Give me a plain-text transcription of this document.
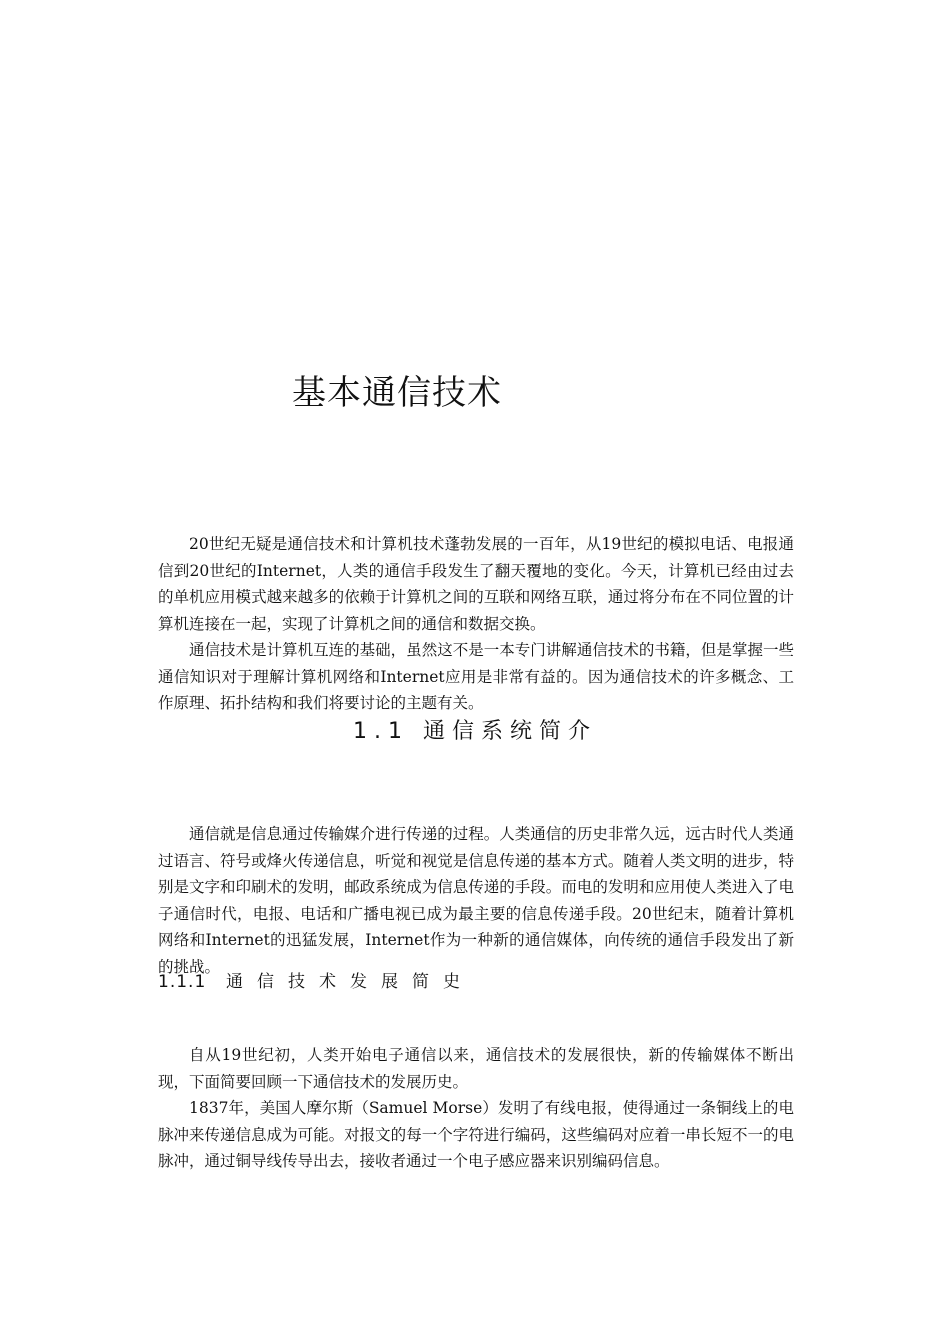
基本通信技术

20世纪无疑是通信技术和计算机技术蓬勃发展的一百年，从19世纪的模拟电话、电报通信到20世纪的Internet，人类的通信手段发生了翻天覆地的变化。今天，计算机已经由过去的单机应用模式越来越多的依赖于计算机之间的互联和网络互联，通过将分布在不同位置的计算机连接在一起，实现了计算机之间的通信和数据交换。

通信技术是计算机互连的基础，虽然这不是一本专门讲解通信技术的书籍，但是掌握一些通信知识对于理解计算机网络和Internet应用是非常有益的。因为通信技术的许多概念、工作原理、拓扑结构和我们将要讨论的主题有关。

1.1 通信系统简介

通信就是信息通过传输媒介进行传递的过程。人类通信的历史非常久远，远古时代人类通过语言、符号或烽火传递信息，听觉和视觉是信息传递的基本方式。随着人类文明的进步，特别是文字和印刷术的发明，邮政系统成为信息传递的手段。而电的发明和应用使人类进入了电子通信时代，电报、电话和广播电视已成为最主要的信息传递手段。20世纪末，随着计算机网络和Internet的迅猛发展，Internet作为一种新的通信媒体，向传统的通信手段发出了新的挑战。

1.1.1 通信技术发展简史

自从19世纪初，人类开始电子通信以来，通信技术的发展很快，新的传输媒体不断出现，下面简要回顾一下通信技术的发展历史。

1837年，美国人摩尔斯（Samuel Morse）发明了有线电报，使得通过一条铜线上的电脉冲来传递信息成为可能。对报文的每一个字符进行编码，这些编码对应着一串长短不一的电脉冲，通过铜导线传导出去，接收者通过一个电子感应器来识别编码信息。
